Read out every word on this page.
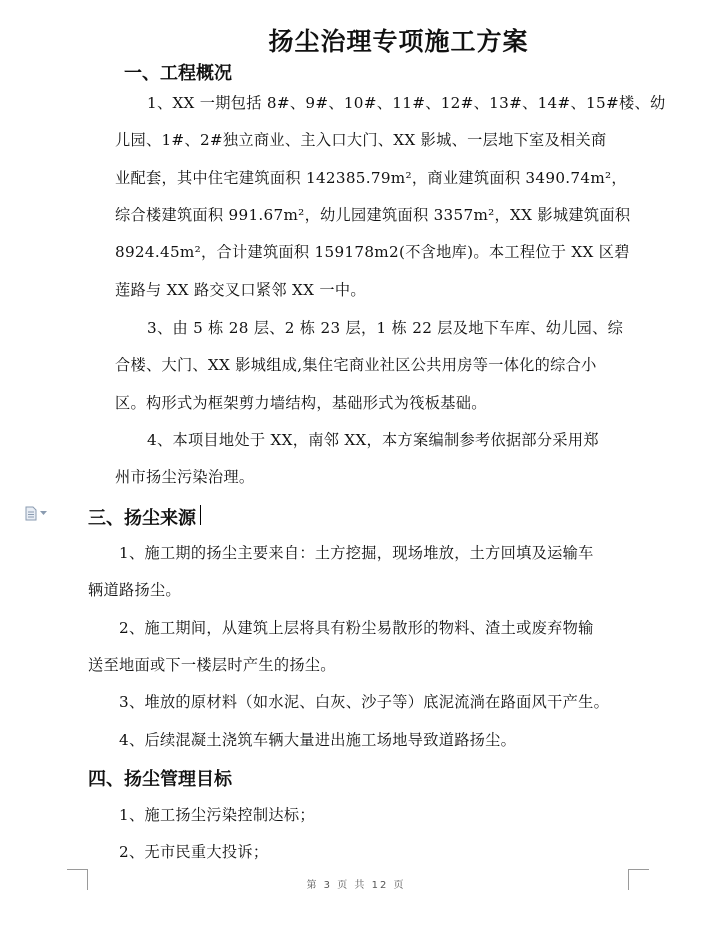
扬尘治理专项施工方案
一、工程概况
1、XX 一期包括 8#、9#、10#、11#、12#、13#、14#、15#楼、幼
儿园、1#、2#独立商业、主入口大门、XX 影城、一层地下室及相关商
业配套，其中住宅建筑面积 142385.79m²，商业建筑面积 3490.74m²，
综合楼建筑面积 991.67m²，幼儿园建筑面积 3357m²，XX 影城建筑面积
8924.45m²，合计建筑面积 159178m2(不含地库)。本工程位于 XX 区碧
莲路与 XX 路交叉口紧邻 XX 一中。
3、由 5 栋 28 层、2 栋 23 层，1 栋 22 层及地下车库、幼儿园、综
合楼、大门、XX 影城组成,集住宅商业社区公共用房等一体化的综合小
区。构形式为框架剪力墙结构，基础形式为筏板基础。
4、本项目地处于 XX，南邻 XX，本方案编制参考依据部分采用郑
州市扬尘污染治理。
三、扬尘来源
1、施工期的扬尘主要来自：土方挖掘，现场堆放，土方回填及运输车
辆道路扬尘。
2、施工期间，从建筑上层将具有粉尘易散形的物料、渣土或废弃物输
送至地面或下一楼层时产生的扬尘。
3、堆放的原材料（如水泥、白灰、沙子等）底泥流淌在路面风干产生。
4、后续混凝土浇筑车辆大量进出施工场地导致道路扬尘。
四、扬尘管理目标
1、施工扬尘污染控制达标；
2、无市民重大投诉；
第 3 页 共 12 页
